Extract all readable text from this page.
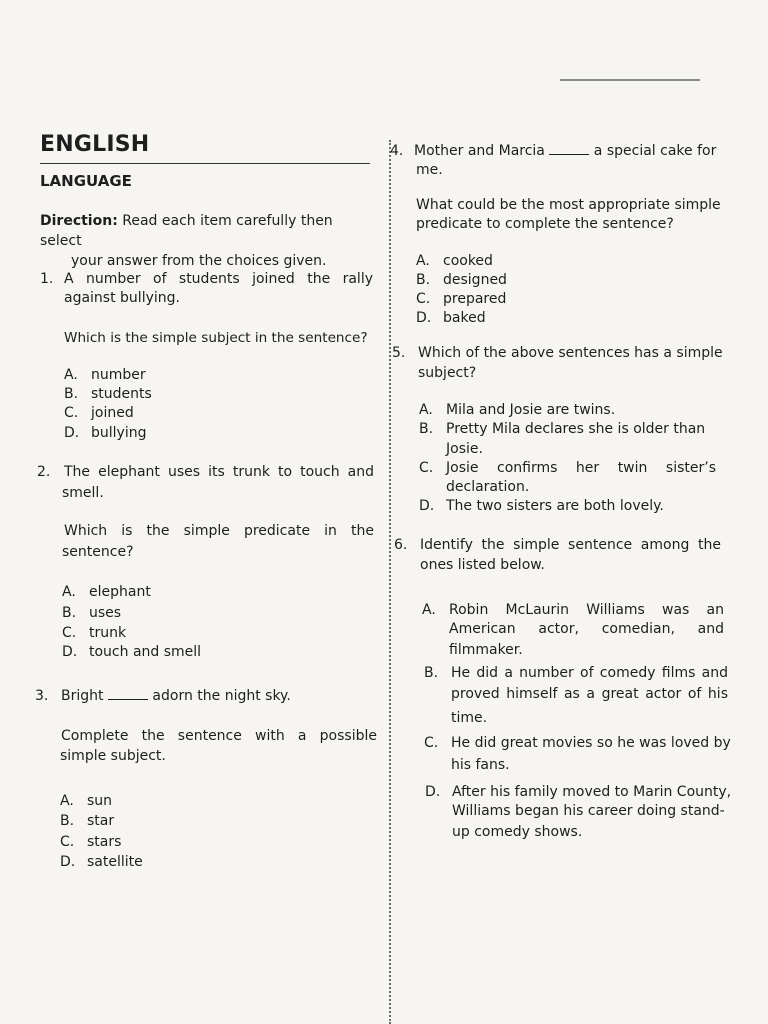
ENGLISH
LANGUAGE
Direction: Read each item carefully then select
your answer from the choices given.
1. A number of students joined the rally
against bullying.
Which is the simple subject in the sentence?
A. number
B. students
C. joined
D. bullying
2. The elephant uses its trunk to touch and
smell.
Which is the simple predicate in the
sentence?
A. elephant
B. uses
C. trunk
D. touch and smell
3. Bright	adorn the night sky.
Complete the sentence with a possible
simple subject.
A. sun
B. star
C. stars
D. satellite
4. Mother and Marcia	a special cake for
me.
What could be the most appropriate simple
predicate to complete the sentence?
A. cooked
B. designed
C. prepared
D. baked
5. Which of the above sentences has a simple
subject?
A. Mila and Josie are twins.
B. Pretty Mila declares she is older than
Josie.
C. Josie confirms her twin sister’s
declaration.
D. The two sisters are both lovely.
6. Identify the simple sentence among the
ones listed below.
A. Robin McLaurin Williams was an
American actor, comedian, and
filmmaker.
B. He did a number of comedy films and
proved himself as a great actor of his
time.
C. He did great movies so he was loved by
his fans.
D. After his family moved to Marin County,
Williams began his career doing stand-
up comedy shows.
